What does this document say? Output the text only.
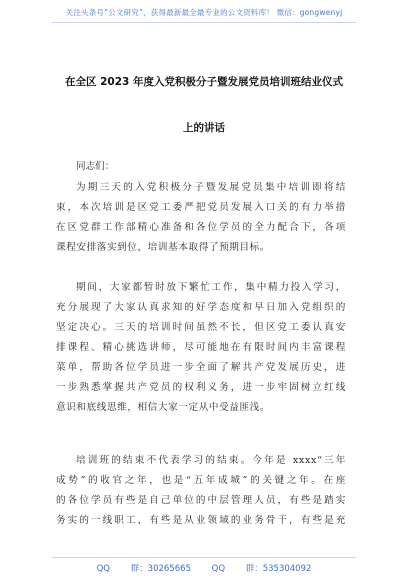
关注头条号“公文研究”，获得最新最全最专业的公文资料库！ 微信：gongwenyj
在全区 2023 年度入党积极分子暨发展党员培训班结业仪式
上的讲话
同志们：
为期三天的入党积极分子暨发展党员集中培训即将结
束，本次培训是区党工委严把党员发展入口关的有力举措
在区党群工作部精心准备和各位学员的全力配合下，各项
课程安排落实到位，培训基本取得了预期目标。
期间，大家都暂时放下繁忙工作，集中精力投入学习，
充分展现了大家认真求知的好学态度和早日加入党组织的
坚定决心。三天的培训时间虽然不长，但区党工委认真安
排课程、精心挑选讲师，尽可能地在有限时间内丰富课程
菜单，帮助各位学员进一步全面了解共产党发展历史，进
一步熟悉掌握共产党员的权利义务，进一步牢固树立红线
意识和底线思维，相信大家一定从中受益匪浅。
培训班的结束不代表学习的结束。今年是 xxxx“三年
成势”的收官之年，也是“五年成城”的关键之年。在座
的各位学员有些是自己单位的中层管理人员，有些是踏实
务实的一线职工，有些是从业领域的业务骨干，有些是充
QQ 群：30265665 QQ 群：535304092
